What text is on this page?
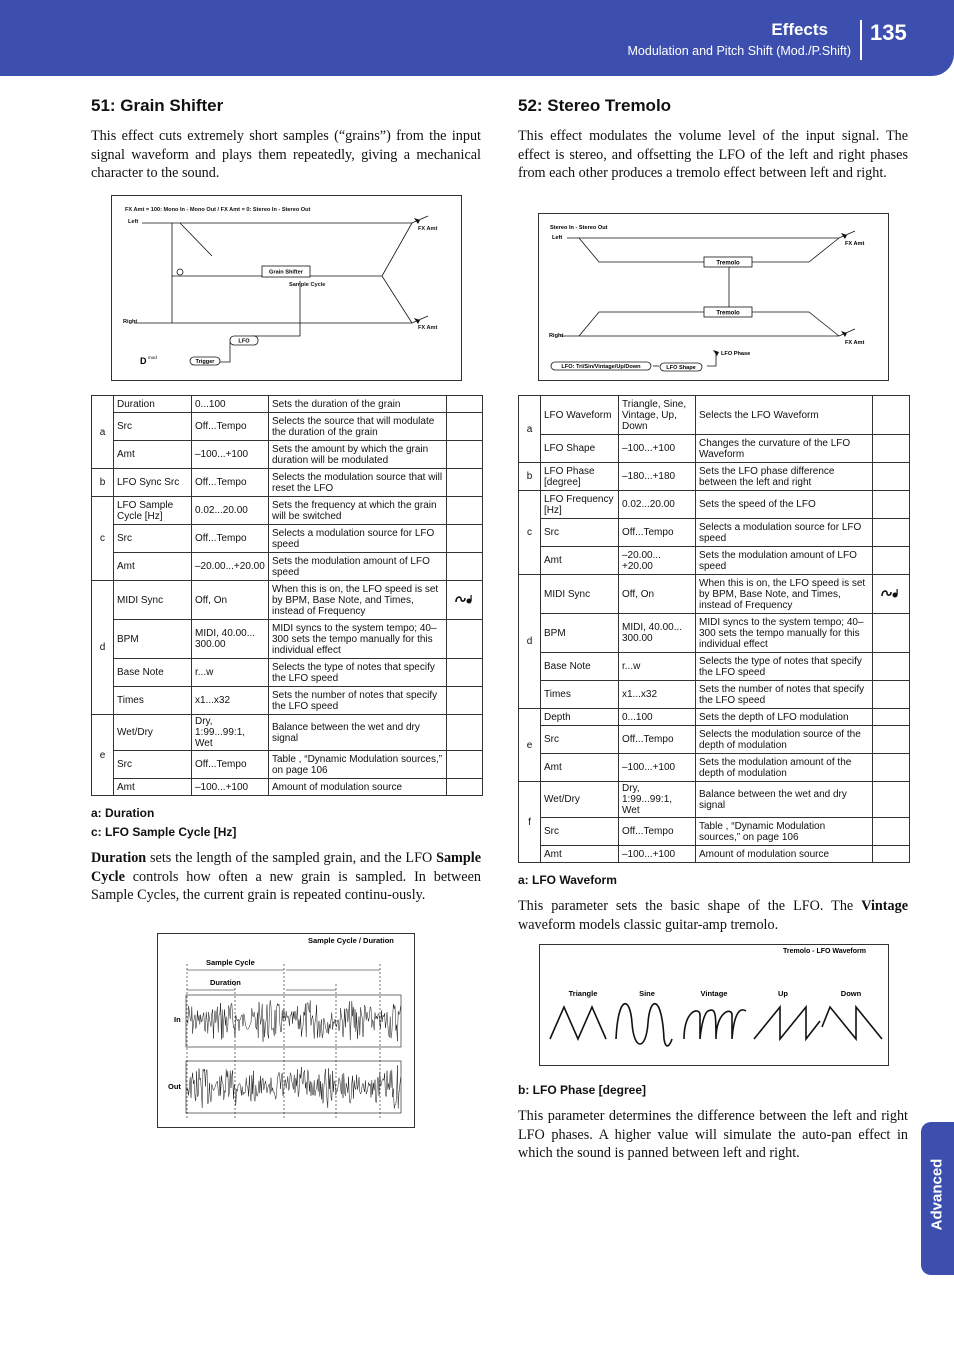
Effects
Modulation and Pitch Shift (Mod./P.Shift)
135
Advanced
51: Grain Shifter
This effect cuts extremely short samples (“grains”) from the input signal waveform and plays them repeatedly, giving a mechanical character to the sound.
FX Amt = 100: Mono In - Mono Out / FX Amt = 0: Stereo In - Stereo Out
Left
Right
FX Amt
FX Amt
Sample Cycle
Grain Shifter
LFO
Trigger
D mod
a	Duration	0...100	Sets the duration of the grain	
	Src	Off...Tempo	Selects the source that will modulate the duration of the grain	
	Amt	–100...+100	Sets the amount by which the grain duration will be modulated	
b	LFO Sync Src	Off...Tempo	Selects the modulation source that will reset the LFO	
c	LFO Sample Cycle [Hz]	0.02...20.00	Sets the frequency at which the grain will be switched	
	Src	Off...Tempo	Selects a modulation source for LFO speed	
	Amt	–20.00...+20.00	Sets the modulation amount of LFO speed	
d	MIDI Sync	Off, On	When this is on, the LFO speed is set by BPM, Base Note, and Times, instead of Frequency	
	BPM	MIDI, 40.00... 300.00	MIDI syncs to the system tempo; 40–300 sets the tempo manually for this individual effect	
	Base Note	r...w	Selects the type of notes that specify the LFO speed	
	Times	x1...x32	Sets the number of notes that specify the LFO speed	
e	Wet/Dry	Dry, 1:99...99:1, Wet	Balance between the wet and dry signal	
	Src	Off...Tempo	Table , “Dynamic Modulation sources,” on page 106	
	Amt	–100...+100	Amount of modulation source	
a: Duration
c: LFO Sample Cycle [Hz]
Duration sets the length of the sampled grain, and the LFO Sample Cycle controls how often a new grain is sampled. In between Sample Cycles, the current grain is repeated continu-ously.
Sample Cycle / Duration
Sample Cycle
Duration
In
Out
52: Stereo Tremolo
This effect modulates the volume level of the input signal. The effect is stereo, and offsetting the LFO of the left and right phases from each other produces a tremolo effect between left and right.
Stereo In - Stereo Out
Left
Right
FX Amt
FX Amt
Tremolo
Tremolo
LFO Phase
LFO: Tri/Sin/Vintage/Up/Down	LFO Shape
a	LFO Waveform	Triangle, Sine, Vintage, Up, Down	Selects the LFO Waveform	
	LFO Shape	–100...+100	Changes the curvature of the LFO Waveform	
b	LFO Phase [degree]	–180...+180	Sets the LFO phase difference between the left and right	
c	LFO Frequency [Hz]	0.02...20.00	Sets the speed of the LFO	
	Src	Off...Tempo	Selects a modulation source for LFO speed	
	Amt	–20.00... +20.00	Sets the modulation amount of LFO speed	
d	MIDI Sync	Off, On	When this is on, the LFO speed is set by BPM, Base Note, and Times, instead of Frequency	
	BPM	MIDI, 40.00... 300.00	MIDI syncs to the system tempo; 40–300 sets the tempo manually for this individual effect	
	Base Note	r...w	Selects the type of notes that specify the LFO speed	
	Times	x1...x32	Sets the number of notes that specify the LFO speed	
e	Depth	0...100	Sets the depth of LFO modulation	
	Src	Off...Tempo	Selects the modulation source of the depth of modulation	
	Amt	–100...+100	Sets the modulation amount of the depth of modulation	
f	Wet/Dry	Dry, 1:99...99:1, Wet	Balance between the wet and dry signal	
	Src	Off...Tempo	Table , “Dynamic Modulation sources,” on page 106	
	Amt	–100...+100	Amount of modulation source	
a: LFO Waveform
This parameter sets the basic shape of the LFO. The Vintage waveform models classic guitar-amp tremolo.
Tremolo - LFO Waveform
Triangle	Sine	Vintage	Up	Down
b: LFO Phase [degree]
This parameter determines the difference between the left and right LFO phases. A higher value will simulate the auto-pan effect in which the sound is panned between left and right.
